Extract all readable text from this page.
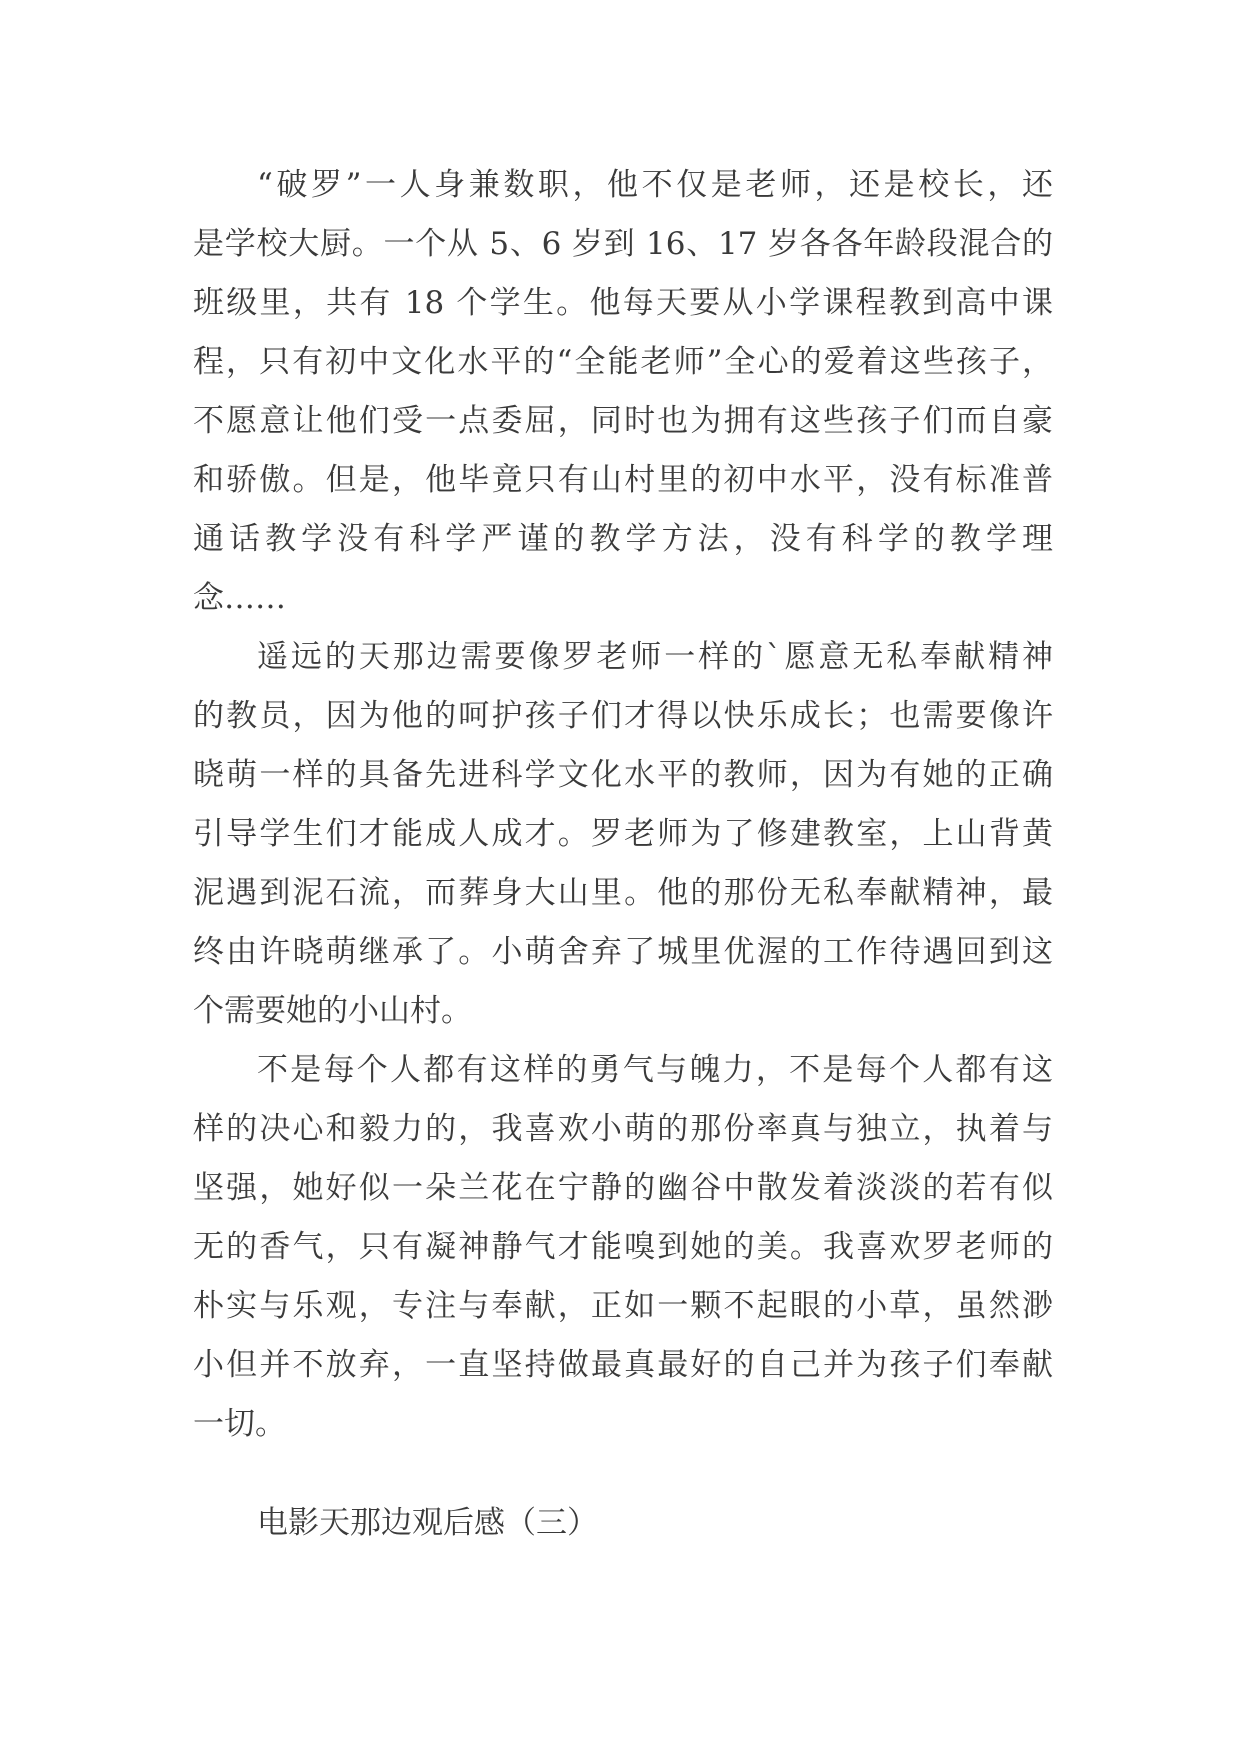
“破罗”一人身兼数职，他不仅是老师，还是校长，还
是学校大厨。一个从 5、6 岁到 16、17 岁各各年龄段混合的
班级里，共有 18 个学生。他每天要从小学课程教到高中课
程，只有初中文化水平的“全能老师”全心的爱着这些孩子，
不愿意让他们受一点委屈，同时也为拥有这些孩子们而自豪
和骄傲。但是，他毕竟只有山村里的初中水平，没有标准普
通话教学没有科学严谨的教学方法，没有科学的教学理
念……
遥远的天那边需要像罗老师一样的`愿意无私奉献精神
的教员，因为他的呵护孩子们才得以快乐成长；也需要像许
晓萌一样的具备先进科学文化水平的教师，因为有她的正确
引导学生们才能成人成才。罗老师为了修建教室，上山背黄
泥遇到泥石流，而葬身大山里。他的那份无私奉献精神，最
终由许晓萌继承了。小萌舍弃了城里优渥的工作待遇回到这
个需要她的小山村。
不是每个人都有这样的勇气与魄力，不是每个人都有这
样的决心和毅力的，我喜欢小萌的那份率真与独立，执着与
坚强，她好似一朵兰花在宁静的幽谷中散发着淡淡的若有似
无的香气，只有凝神静气才能嗅到她的美。我喜欢罗老师的
朴实与乐观，专注与奉献，正如一颗不起眼的小草，虽然渺
小但并不放弃，一直坚持做最真最好的自己并为孩子们奉献
一切。
电影天那边观后感（三）
